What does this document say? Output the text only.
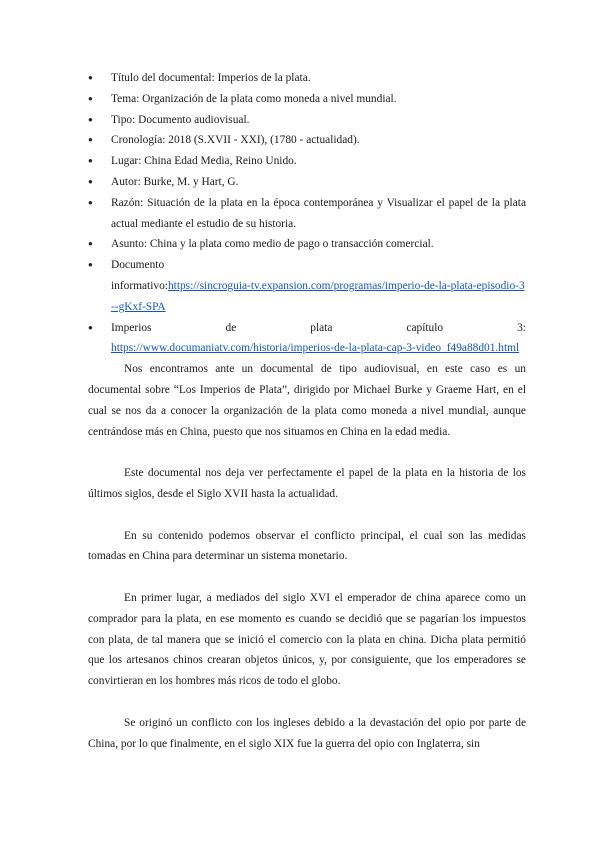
● Título del documental: Imperios de la plata.
● Tema: Organización de la plata como moneda a nivel mundial.
● Tipo: Documento audiovisual.
● Cronología: 2018 (S.XVII - XXI), (1780 - actualidad).
● Lugar: China Edad Media, Reino Unido.
● Autor: Burke, M. y Hart, G.
● Razón: Situación de la plata en la época contemporánea y Visualizar el papel de la plata actual mediante el estudio de su historia.
● Asunto: China y la plata como medio de pago o transacción comercial.
● Documento
informativo:https://sincroguia-tv.expansion.com/programas/imperio-de-la-plata-episodio-3--gKxf-SPA
● Imperios	de	plata	capítulo	3:
https://www.documaniatv.com/historia/imperios-de-la-plata-cap-3-video_f49a88d01.html

Nos encontramos ante un documental de tipo audiovisual, en este caso es un documental sobre “Los Imperios de Plata”, dirigido por Michael Burke y Graeme Hart, en el cual se nos da a conocer la organización de la plata como moneda a nivel mundial, aunque centrándose más en China, puesto que nos situamos en China en la edad media.

Este documental nos deja ver perfectamente el papel de la plata en la historia de los últimos siglos, desde el Siglo XVII hasta la actualidad.

En su contenido podemos observar el conflicto principal, el cual son las medidas tomadas en China para determinar un sistema monetario.

En primer lugar, a mediados del siglo XVI el emperador de china aparece como un comprador para la plata, en ese momento es cuando se decidió que se pagarían los impuestos con plata, de tal manera que se inició el comercio con la plata en china. Dicha plata permitió que los artesanos chinos crearan objetos únicos, y, por consiguiente, que los emperadores se convirtieran en los hombres más ricos de todo el globo.

Se originó un conflicto con los ingleses debido a la devastación del opio por parte de China, por lo que finalmente, en el siglo XIX fue la guerra del opio con Inglaterra, sin
